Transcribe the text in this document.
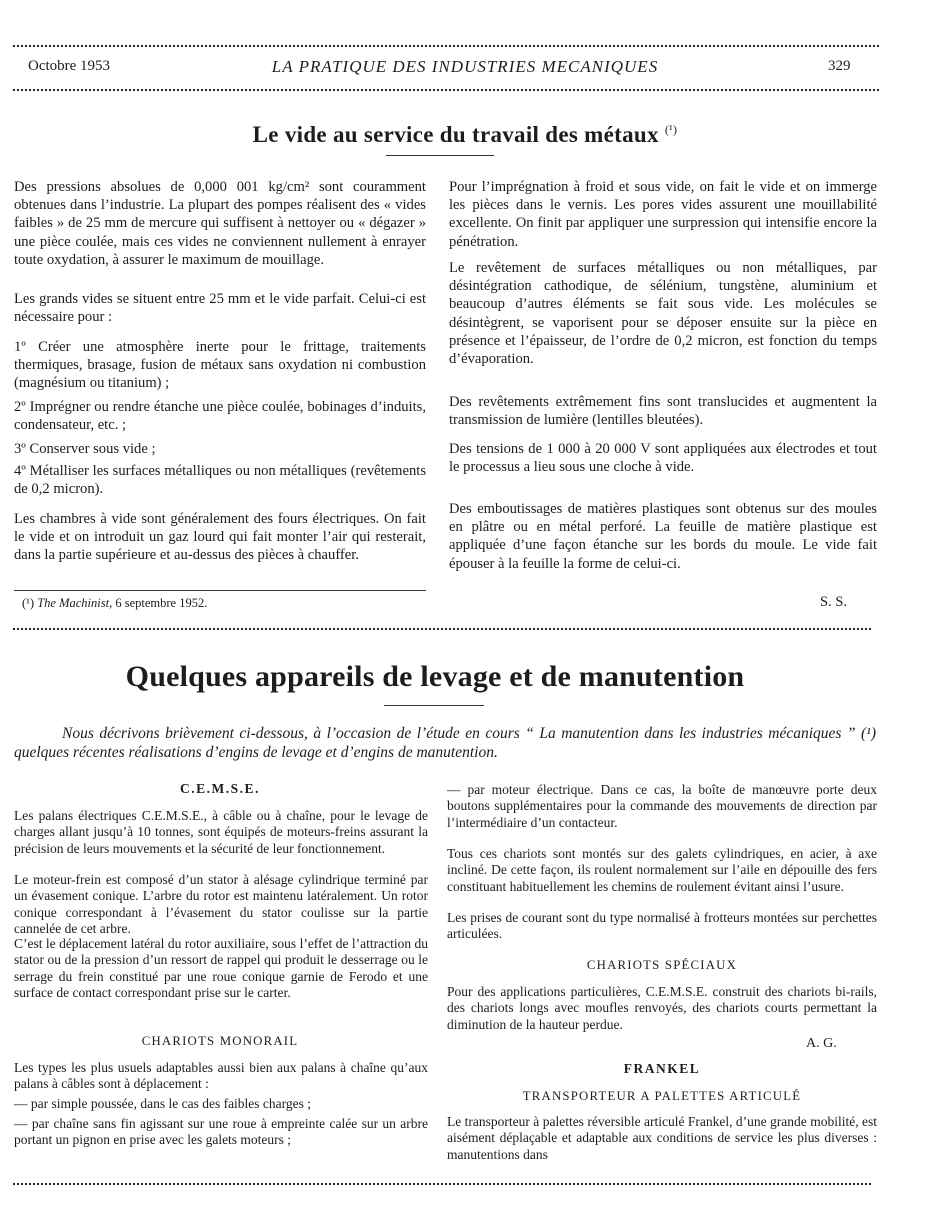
Octobre 1953	LA PRATIQUE DES INDUSTRIES MECANIQUES	329
Le vide au service du travail des métaux $^{(^1)}$
Des pressions absolues de 0,000 001 kg/cm² sont couramment obtenues dans l’industrie. La plupart des pompes réalisent des « vides faibles » de 25 mm de mercure qui suffisent à nettoyer ou « dégazer » une pièce coulée, mais ces vides ne conviennent nullement à enrayer toute oxydation, à assurer le maximum de mouillage.
Les grands vides se situent entre 25 mm et le vide parfait. Celui-ci est nécessaire pour :
1º Créer une atmosphère inerte pour le frittage, traitements thermiques, brasage, fusion de métaux sans oxydation ni combustion (magnésium ou titanium) ;
2º Imprégner ou rendre étanche une pièce coulée, bobinages d’induits, condensateur, etc. ;
3º Conserver sous vide ;
4º Métalliser les surfaces métalliques ou non métalliques (revêtements de 0,2 micron).
Les chambres à vide sont généralement des fours électriques. On fait le vide et on introduit un gaz lourd qui fait monter l’air qui resterait, dans la partie supérieure et au-dessus des pièces à chauffer.
(¹) The Machinist, 6 septembre 1952.
Pour l’imprégnation à froid et sous vide, on fait le vide et on immerge les pièces dans le vernis. Les pores vides assurent une mouillabilité excellente. On finit par appliquer une surpression qui intensifie encore la pénétration.
Le revêtement de surfaces métalliques ou non métalliques, par désintégration cathodique, de sélénium, tungstène, aluminium et beaucoup d’autres éléments se fait sous vide. Les molécules se désintègrent, se vaporisent pour se déposer ensuite sur la pièce en présence et l’épaisseur, de l’ordre de 0,2 micron, est fonction du temps d’évaporation.
Des revêtements extrêmement fins sont translucides et augmentent la transmission de lumière (lentilles bleutées).
Des tensions de 1 000 à 20 000 V sont appliquées aux électrodes et tout le processus a lieu sous une cloche à vide.
Des emboutissages de matières plastiques sont obtenus sur des moules en plâtre ou en métal perforé. La feuille de matière plastique est appliquée d’une façon étanche sur les bords du moule. Le vide fait épouser à la feuille la forme de celui-ci.
S. S.
Quelques appareils de levage et de manutention
Nous décrivons brièvement ci-dessous, à l’occasion de l’étude en cours “ La manutention dans les industries mécaniques ” (¹) quelques récentes réalisations d’engins de levage et d’engins de manutention.
C.E.M.S.E.
Les palans électriques C.E.M.S.E., à câble ou à chaîne, pour le levage de charges allant jusqu’à 10 tonnes, sont équipés de moteurs-freins assurant la précision de leurs mouvements et la sécurité de leur fonctionnement.
Le moteur-frein est composé d’un stator à alésage cylindrique terminé par un évasement conique. L’arbre du rotor est maintenu latéralement. Un rotor conique correspondant à l’évasement du stator coulisse sur la partie cannelée de cet arbre.
C’est le déplacement latéral du rotor auxiliaire, sous l’effet de l’attraction du stator ou de la pression d’un ressort de rappel qui produit le desserrage ou le serrage du frein constitué par une roue conique garnie de Ferodo et une surface de contact correspondant prise sur le carter.
CHARIOTS MONORAIL
Les types les plus usuels adaptables aussi bien aux palans à chaîne qu’aux palans à câbles sont à déplacement :
— par simple poussée, dans le cas des faibles charges ;
— par chaîne sans fin agissant sur une roue à empreinte calée sur un arbre portant un pignon en prise avec les galets moteurs ;
— par moteur électrique. Dans ce cas, la boîte de manœuvre porte deux boutons supplémentaires pour la commande des mouvements de direction par l’intermédiaire d’un contacteur.
Tous ces chariots sont montés sur des galets cylindriques, en acier, à axe incliné. De cette façon, ils roulent normalement sur l’aile en dépouille des fers constituant habituellement les chemins de roulement évitant ainsi l’usure.
Les prises de courant sont du type normalisé à frotteurs montées sur perchettes articulées.
CHARIOTS SPÉCIAUX
Pour des applications particulières, C.E.M.S.E. construit des chariots bi-rails, des chariots longs avec moufles renvoyés, des chariots courts permettant la diminution de la hauteur perdue.
A. G.
FRANKEL
TRANSPORTEUR A PALETTES ARTICULÉ
Le transporteur à palettes réversible articulé Frankel, d’une grande mobilité, est aisément déplaçable et adaptable aux conditions de service les plus diverses : manutentions dans
